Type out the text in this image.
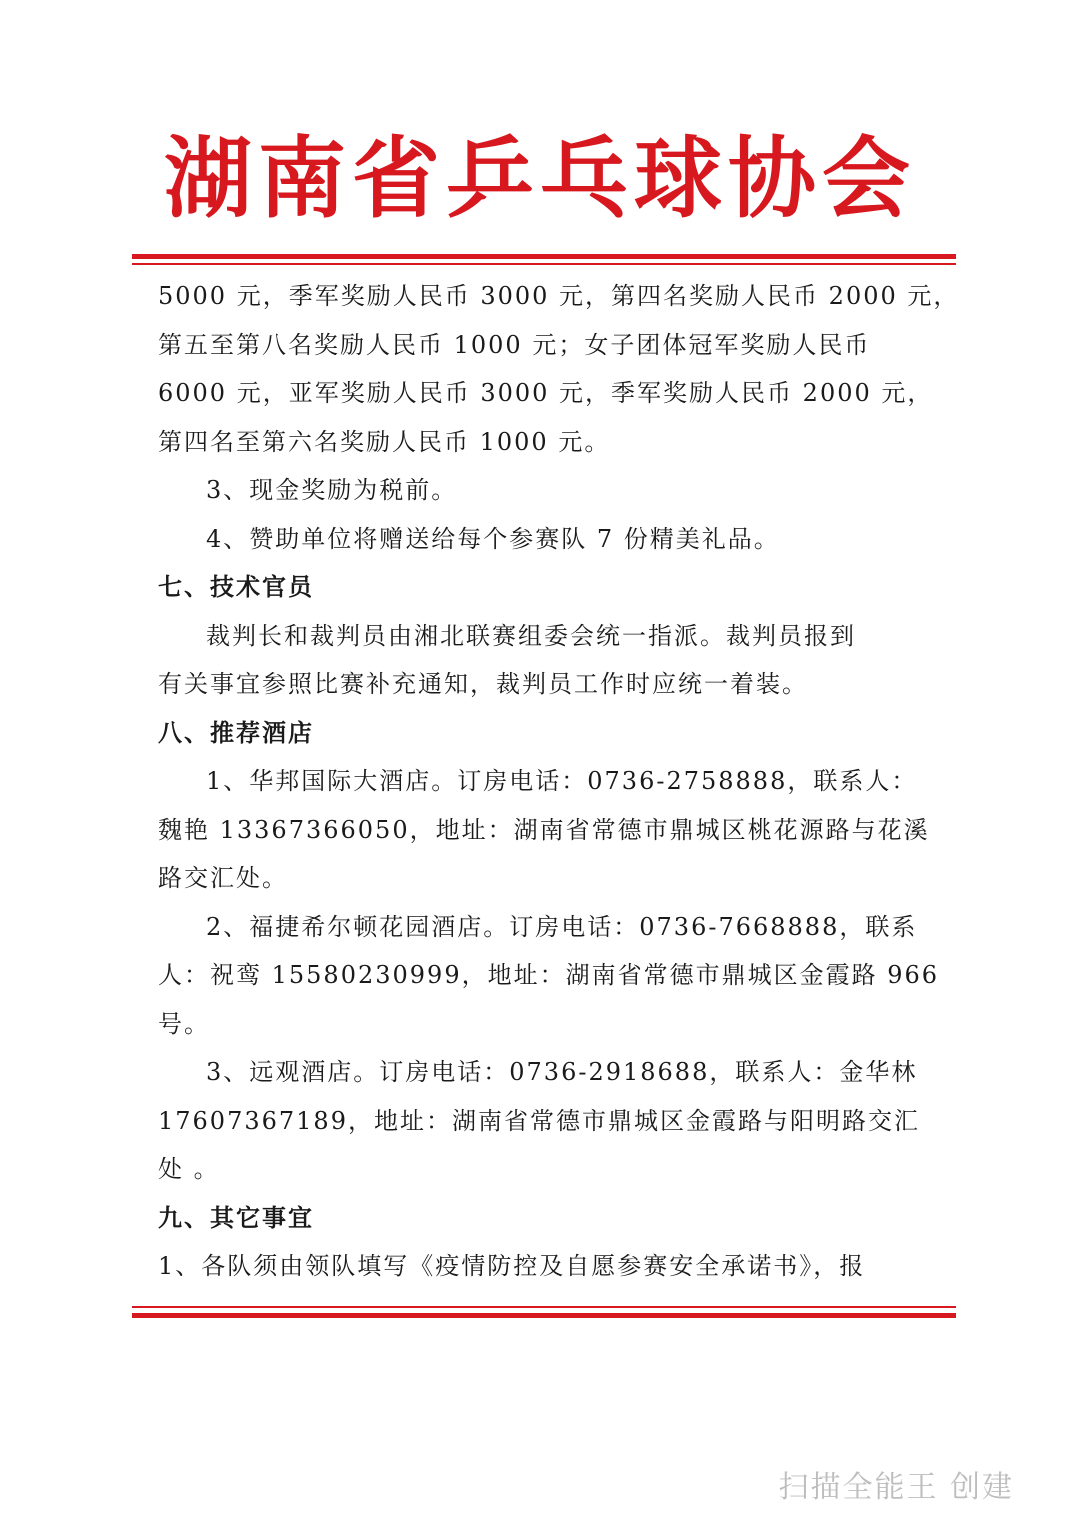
湖南省乒乓球协会
5000 元，季军奖励人民币 3000 元，第四名奖励人民币 2000 元，
第五至第八名奖励人民币 1000 元；女子团体冠军奖励人民币
6000 元，亚军奖励人民币 3000 元，季军奖励人民币 2000 元，
第四名至第六名奖励人民币 1000 元。
3、现金奖励为税前。
4、赞助单位将赠送给每个参赛队 7 份精美礼品。
七、技术官员
裁判长和裁判员由湘北联赛组委会统一指派。裁判员报到
有关事宜参照比赛补充通知，裁判员工作时应统一着装。
八、推荐酒店
1、华邦国际大酒店。订房电话：0736-2758888，联系人：
魏艳 13367366050，地址：湖南省常德市鼎城区桃花源路与花溪
路交汇处。
2、福捷希尔顿花园酒店。订房电话：0736-7668888，联系
人：祝鸾 15580230999，地址：湖南省常德市鼎城区金霞路 966
号。
3、远观酒店。订房电话：0736-2918688，联系人：金华林
17607367189，地址：湖南省常德市鼎城区金霞路与阳明路交汇
处 。
九、其它事宜
1、各队须由领队填写《疫情防控及自愿参赛安全承诺书》，报
扫描全能王 创建
